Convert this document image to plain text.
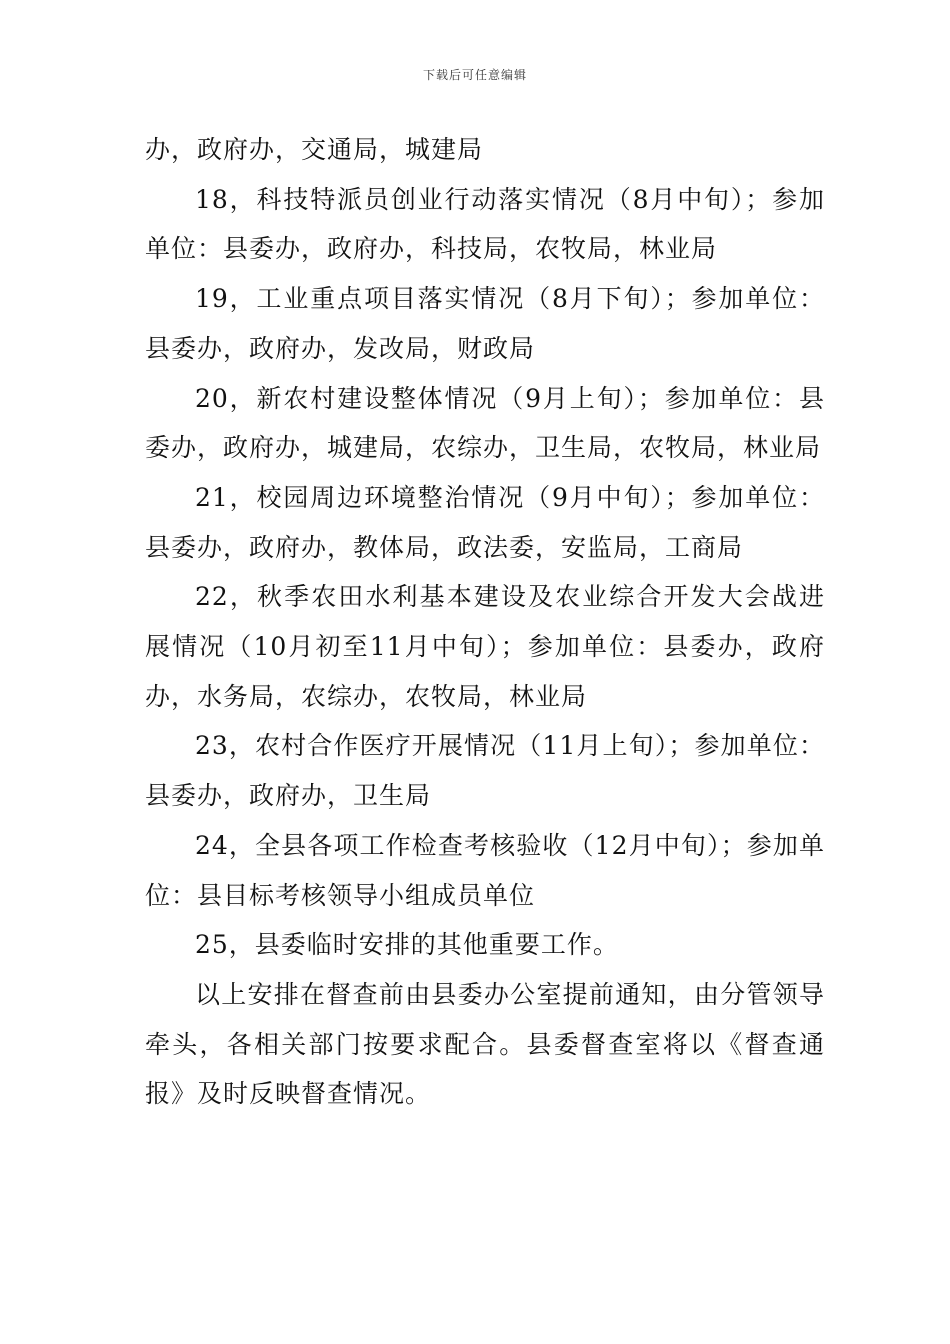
下载后可任意编辑

办，政府办，交通局，城建局

18，科技特派员创业行动落实情况（8月中旬）；参加单位：县委办，政府办，科技局，农牧局，林业局

19，工业重点项目落实情况（8月下旬）；参加单位：县委办，政府办，发改局，财政局

20，新农村建设整体情况（9月上旬）；参加单位：县委办，政府办，城建局，农综办，卫生局，农牧局，林业局

21，校园周边环境整治情况（9月中旬）；参加单位：县委办，政府办，教体局，政法委，安监局，工商局

22，秋季农田水利基本建设及农业综合开发大会战进展情况（10月初至11月中旬）；参加单位：县委办，政府办，水务局，农综办，农牧局，林业局

23，农村合作医疗开展情况（11月上旬）；参加单位：县委办，政府办，卫生局

24，全县各项工作检查考核验收（12月中旬）；参加单位：县目标考核领导小组成员单位

25，县委临时安排的其他重要工作。

以上安排在督查前由县委办公室提前通知，由分管领导牵头，各相关部门按要求配合。县委督查室将以《督查通报》及时反映督查情况。
